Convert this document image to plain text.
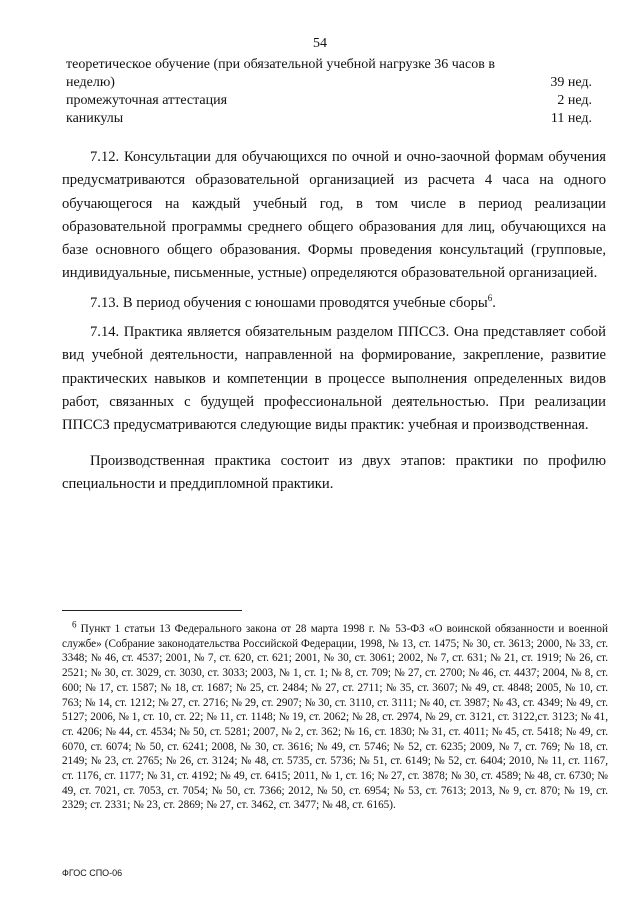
54
теоретическое обучение (при обязательной учебной нагрузке 36 часов в неделю)	39 нед.
промежуточная аттестация	2 нед.
каникулы	11 нед.

7.12. Консультации для обучающихся по очной и очно-заочной формам обучения предусматриваются образовательной организацией из расчета 4 часа на одного обучающегося на каждый учебный год, в том числе в период реализации образовательной программы среднего общего образования для лиц, обучающихся на базе основного общего образования. Формы проведения консультаций (групповые, индивидуальные, письменные, устные) определяются образовательной организацией.

7.13. В период обучения с юношами проводятся учебные сборы$^6$.

7.14. Практика является обязательным разделом ППССЗ. Она представляет собой вид учебной деятельности, направленной на формирование, закрепление, развитие практических навыков и компетенции в процессе выполнения определенных видов работ, связанных с будущей профессиональной деятельностью. При реализации ППССЗ предусматриваются следующие виды практик: учебная и производственная.

Производственная практика состоит из двух этапов: практики по профилю специальности и преддипломной практики.

$^6$ Пункт 1 статьи 13 Федерального закона от 28 марта 1998 г. № 53-ФЗ «О воинской обязанности и военной службе» (Собрание законодательства Российской Федерации, 1998, № 13, ст. 1475; № 30, ст. 3613; 2000, № 33, ст. 3348; № 46, ст. 4537; 2001, № 7, ст. 620, ст. 621; 2001, № 30, ст. 3061; 2002, № 7, ст. 631; № 21, ст. 1919; № 26, ст. 2521; № 30, ст. 3029, ст. 3030, ст. 3033; 2003, № 1, ст. 1; № 8, ст. 709; № 27, ст. 2700; № 46, ст. 4437; 2004, № 8, ст. 600; № 17, ст. 1587; № 18, ст. 1687; № 25, ст. 2484; № 27, ст. 2711; № 35, ст. 3607; № 49, ст. 4848; 2005, № 10, ст. 763; № 14, ст. 1212; № 27, ст. 2716; № 29, ст. 2907; № 30, ст. 3110, ст. 3111; № 40, ст. 3987; № 43, ст. 4349; № 49, ст. 5127; 2006, № 1, ст. 10, ст. 22; № 11, ст. 1148; № 19, ст. 2062; № 28, ст. 2974, № 29, ст. 3121, ст. 3122,ст. 3123; № 41, ст. 4206; № 44, ст. 4534; № 50, ст. 5281; 2007, № 2, ст. 362; № 16, ст. 1830; № 31, ст. 4011; № 45, ст. 5418; № 49, ст. 6070, ст. 6074; № 50, ст. 6241; 2008, № 30, ст. 3616; № 49, ст. 5746; № 52, ст. 6235; 2009, № 7, ст. 769; № 18, ст. 2149; № 23, ст. 2765; № 26, ст. 3124; № 48, ст. 5735, ст. 5736; № 51, ст. 6149; № 52, ст. 6404; 2010, № 11, ст. 1167, ст. 1176, ст. 1177; № 31, ст. 4192; № 49, ст. 6415; 2011, № 1, ст. 16; № 27, ст. 3878; № 30, ст. 4589; № 48, ст. 6730; № 49, ст. 7021, ст. 7053, ст. 7054; № 50, ст. 7366; 2012, № 50, ст. 6954; № 53, ст. 7613; 2013, № 9, ст. 870; № 19, ст. 2329; ст. 2331; № 23, ст. 2869; № 27, ст. 3462, ст. 3477; № 48, ст. 6165).
ФГОС СПО-06
